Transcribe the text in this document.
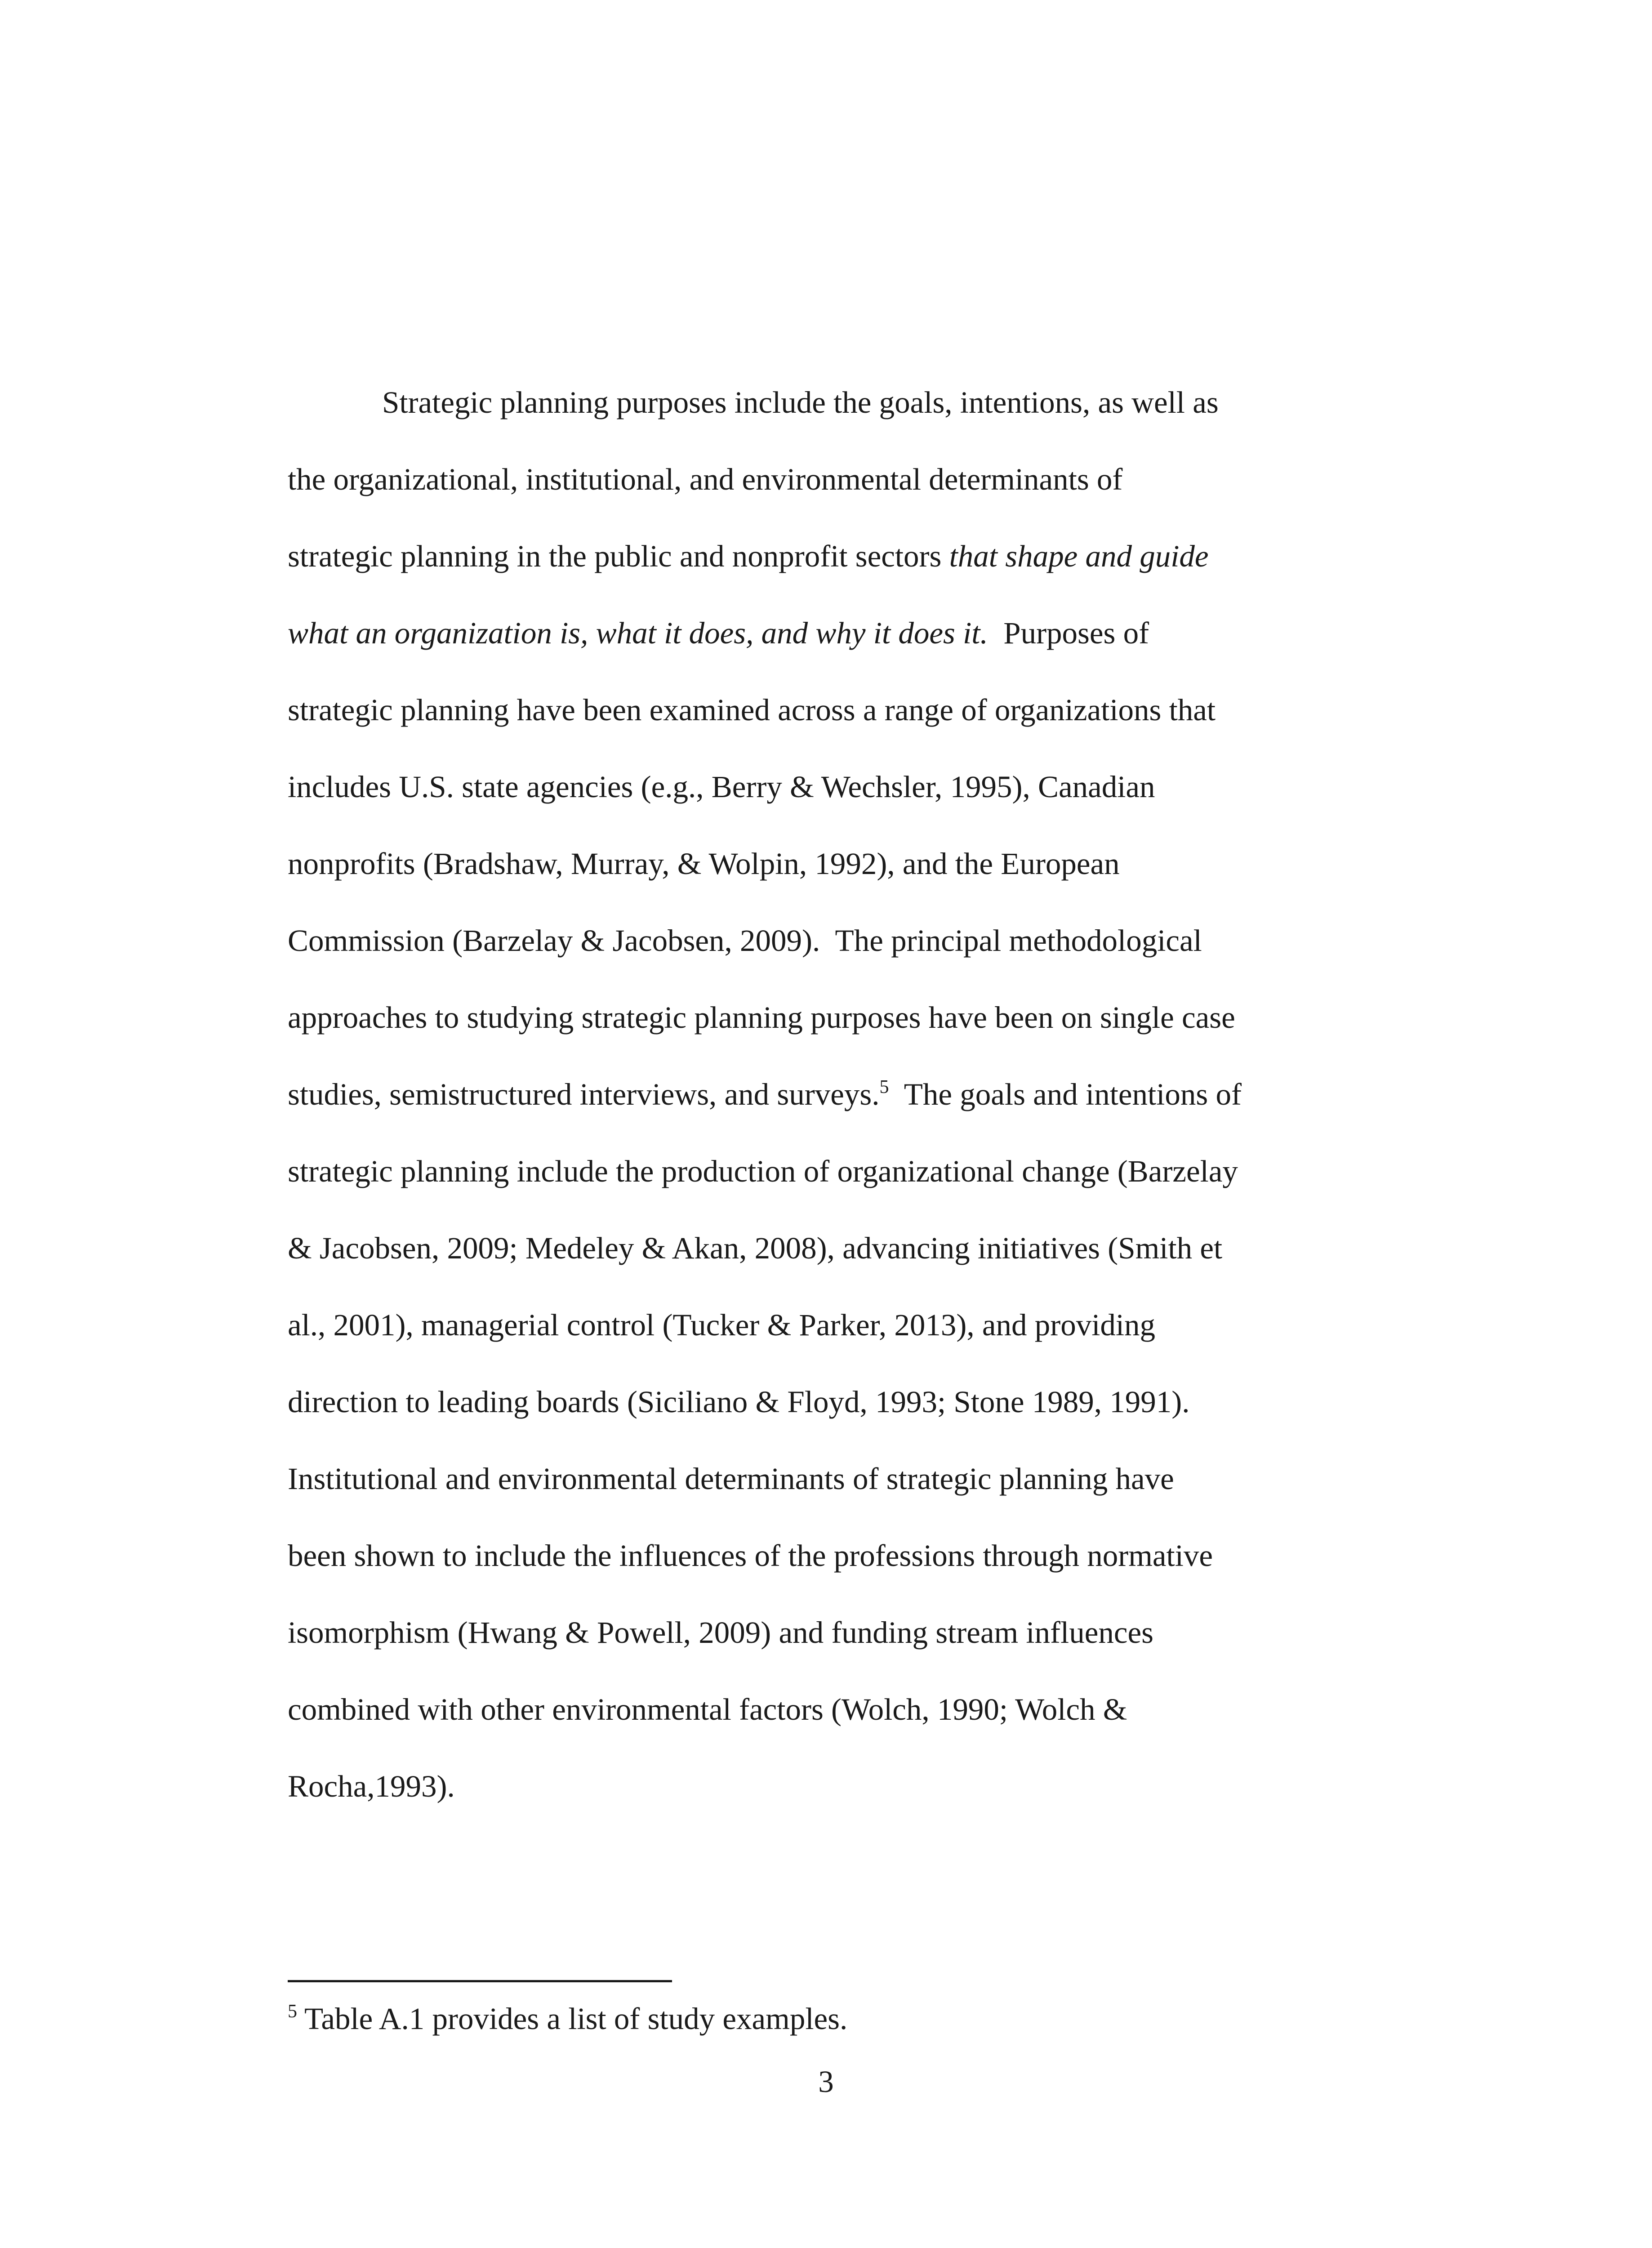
Strategic planning purposes include the goals, intentions, as well as
the organizational, institutional, and environmental determinants of
strategic planning in the public and nonprofit sectors that shape and guide
what an organization is, what it does, and why it does it.  Purposes of
strategic planning have been examined across a range of organizations that
includes U.S. state agencies (e.g., Berry & Wechsler, 1995), Canadian
nonprofits (Bradshaw, Murray, & Wolpin, 1992), and the European
Commission (Barzelay & Jacobsen, 2009).  The principal methodological
approaches to studying strategic planning purposes have been on single case
studies, semistructured interviews, and surveys.$^5$  The goals and intentions of
strategic planning include the production of organizational change (Barzelay
& Jacobsen, 2009; Medeley & Akan, 2008), advancing initiatives (Smith et
al., 2001), managerial control (Tucker & Parker, 2013), and providing
direction to leading boards (Siciliano & Floyd, 1993; Stone 1989, 1991).
Institutional and environmental determinants of strategic planning have
been shown to include the influences of the professions through normative
isomorphism (Hwang & Powell, 2009) and funding stream influences
combined with other environmental factors (Wolch, 1990; Wolch &
Rocha,1993).
$^5$ Table A.1 provides a list of study examples.
3
